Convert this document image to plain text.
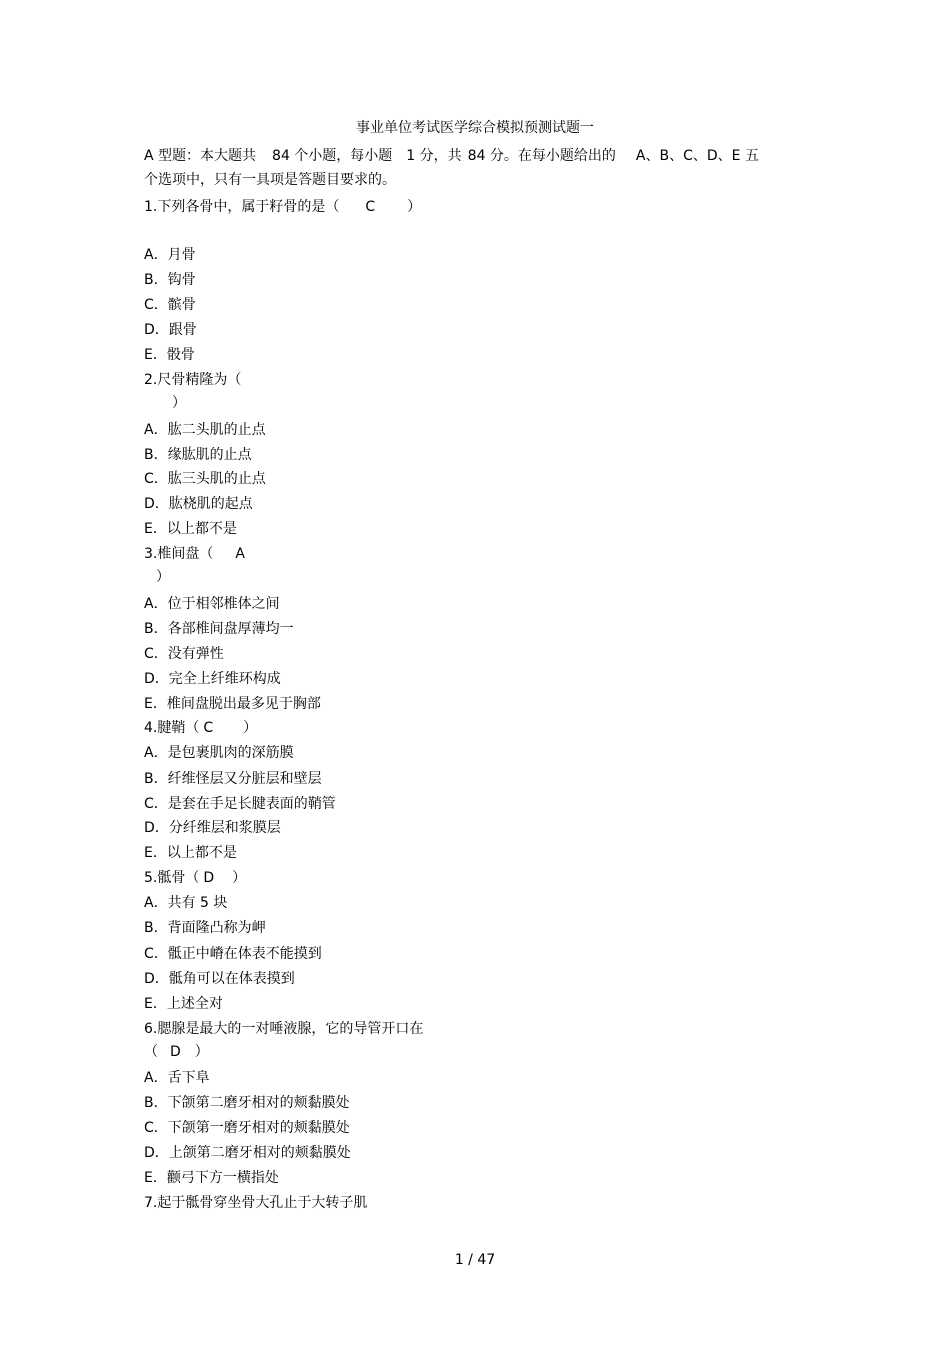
事业单位考试医学综合模拟预测试题一
A 型题：本大题共 84 个小题，每小题 1 分，共 84 分。在每小题给出的 A、B、C、D、E 五
个选项中，只有一具项是答题目要求的。
1.下列各骨中，属于籽骨的是（ C ）
A．月骨
B．钩骨
C．髌骨
D．跟骨
E．骰骨
2.尺骨精隆为（
）
A．肱二头肌的止点
B．缘肱肌的止点
C．肱三头肌的止点
D．肱桡肌的起点
E．以上都不是
3.椎间盘（ A
）
A．位于相邻椎体之间
B．各部椎间盘厚薄均一
C．没有弹性
D．完全上纤维环构成
E．椎间盘脱出最多见于胸部
4.腱鞘（ C ）
A．是包裹肌肉的深筋膜
B．纤维怪层又分脏层和壁层
C．是套在手足长腱表面的鞘管
D．分纤维层和浆膜层
E．以上都不是
5.骶骨（ D ）
A．共有 5 块
B．背面隆凸称为岬
C．骶正中嵴在体表不能摸到
D．骶角可以在体表摸到
E．上述全对
6.腮腺是最大的一对唾液腺，它的导管开口在
（ D ）
A．舌下阜
B．下颌第二磨牙相对的颊黏膜处
C．下颌第一磨牙相对的颊黏膜处
D．上颌第二磨牙相对的颊黏膜处
E．颧弓下方一横指处
7.起于骶骨穿坐骨大孔止于大转子肌
1 / 47
